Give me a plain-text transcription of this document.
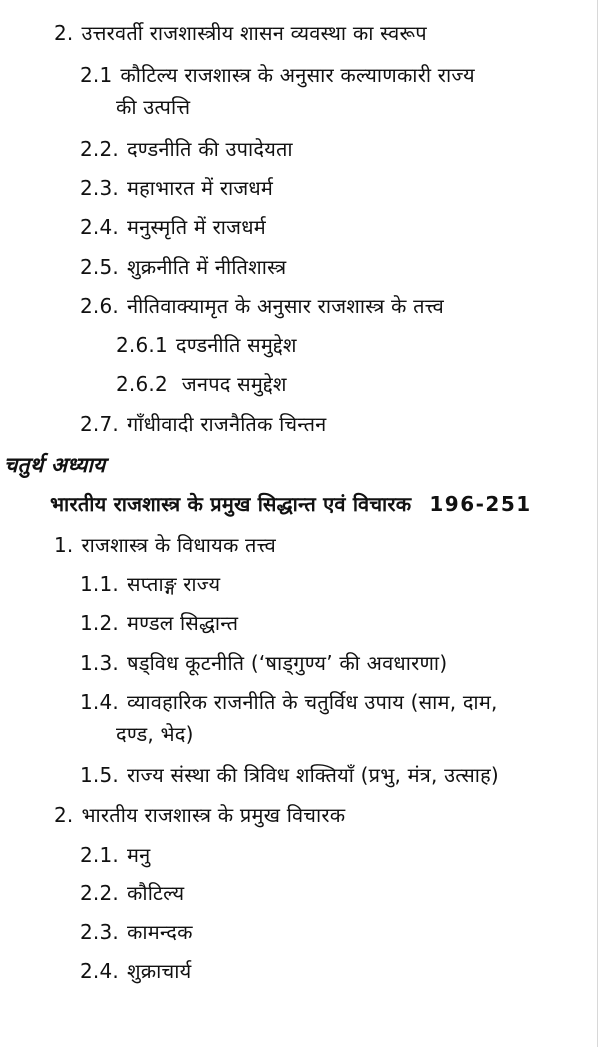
2. उत्तरवर्ती राजशास्त्रीय शासन व्यवस्था का स्वरूप
2.1 कौटिल्य राजशास्त्र के अनुसार कल्याणकारी राज्य
की उत्पत्ति
2.2. दण्डनीति की उपादेयता
2.3. महाभारत में राजधर्म
2.4. मनुस्मृति में राजधर्म
2.5. शुक्रनीति में नीतिशास्त्र
2.6. नीतिवाक्यामृत के अनुसार राजशास्त्र के तत्त्व
2.6.1 दण्डनीति समुद्देश
2.6.2 जनपद समुद्देश
2.7. गाँधीवादी राजनैतिक चिन्तन
चतुर्थ अध्याय
भारतीय राजशास्त्र के प्रमुख सिद्धान्त एवं विचारक 196-251
1. राजशास्त्र के विधायक तत्त्व
1.1. सप्ताङ्ग राज्य
1.2. मण्डल सिद्धान्त
1.3. षड्विध कूटनीति (‘षाड्गुण्य’ की अवधारणा)
1.4. व्यावहारिक राजनीति के चतुर्विध उपाय (साम, दाम,
दण्ड, भेद)
1.5. राज्य संस्था की त्रिविध शक्तियाँ (प्रभु, मंत्र, उत्साह)
2. भारतीय राजशास्त्र के प्रमुख विचारक
2.1. मनु
2.2. कौटिल्य
2.3. कामन्दक
2.4. शुक्राचार्य
